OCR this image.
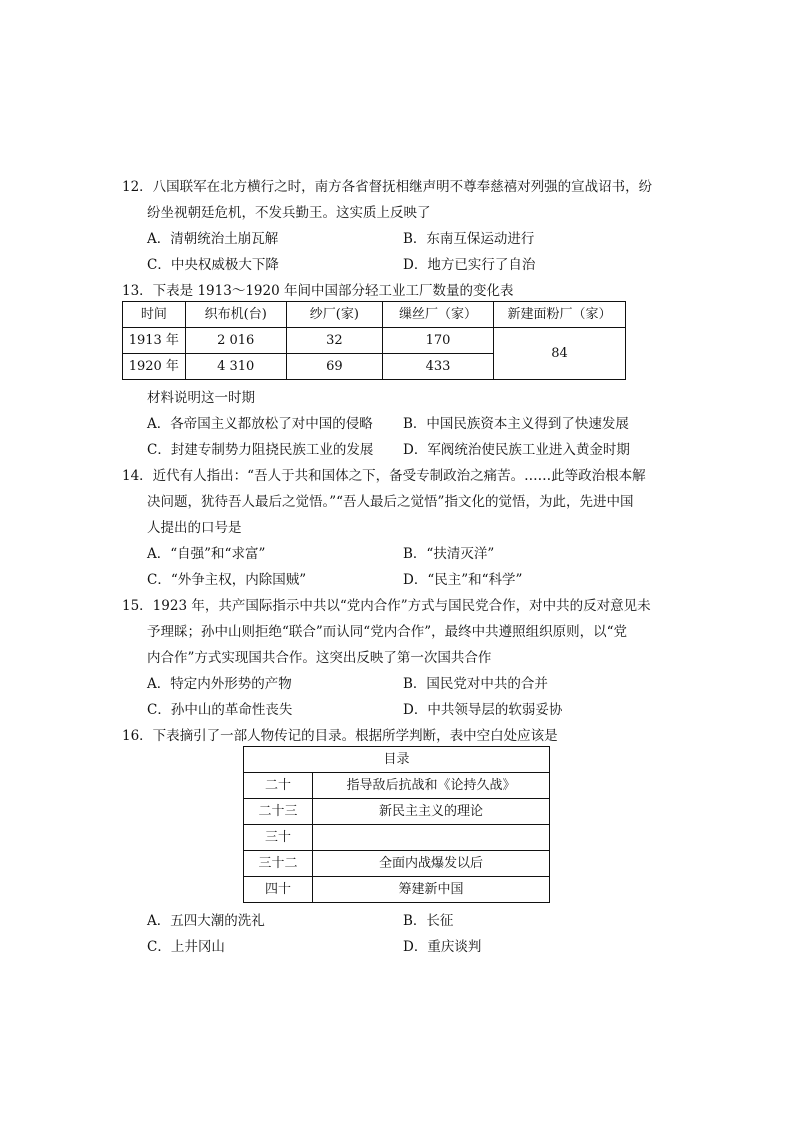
12．八国联军在北方横行之时，南方各省督抚相继声明不尊奉慈禧对列强的宣战诏书，纷
纷坐视朝廷危机，不发兵勤王。这实质上反映了
A．清朝统治土崩瓦解	B．东南互保运动进行
C．中央权威极大下降	D．地方已实行了自治
13．下表是 1913～1920 年间中国部分轻工业工厂数量的变化表
时间	织布机(台)	纱厂(家)	缫丝厂（家）	新建面粉厂（家）
1913 年	2 016	32	170	84
1920 年	4 310	69	433	
材料说明这一时期
A．各帝国主义都放松了对中国的侵略 B．中国民族资本主义得到了快速发展
C．封建专制势力阻挠民族工业的发展 D．军阀统治使民族工业进入黄金时期
14．近代有人指出：“吾人于共和国体之下，备受专制政治之痛苦。……此等政治根本解
决问题，犹待吾人最后之觉悟。”“吾人最后之觉悟”指文化的觉悟，为此，先进中国
人提出的口号是
A．“自强”和“求富”	B．“扶清灭洋”
C．“外争主权，内除国贼”	D．“民主”和“科学”
15．1923 年，共产国际指示中共以“党内合作”方式与国民党合作，对中共的反对意见未
予理睬；孙中山则拒绝“联合”而认同“党内合作”，最终中共遵照组织原则，以“党
内合作”方式实现国共合作。这突出反映了第一次国共合作
A．特定内外形势的产物	B．国民党对中共的合并
C．孙中山的革命性丧失	D．中共领导层的软弱妥协
16．下表摘引了一部人物传记的目录。根据所学判断，表中空白处应该是
目录	
二十	指导敌后抗战和《论持久战》
二十三	新民主主义的理论
三十	
三十二	全面内战爆发以后
四十	筹建新中国
A．五四大潮的洗礼	B．长征
C．上井冈山	D．重庆谈判
